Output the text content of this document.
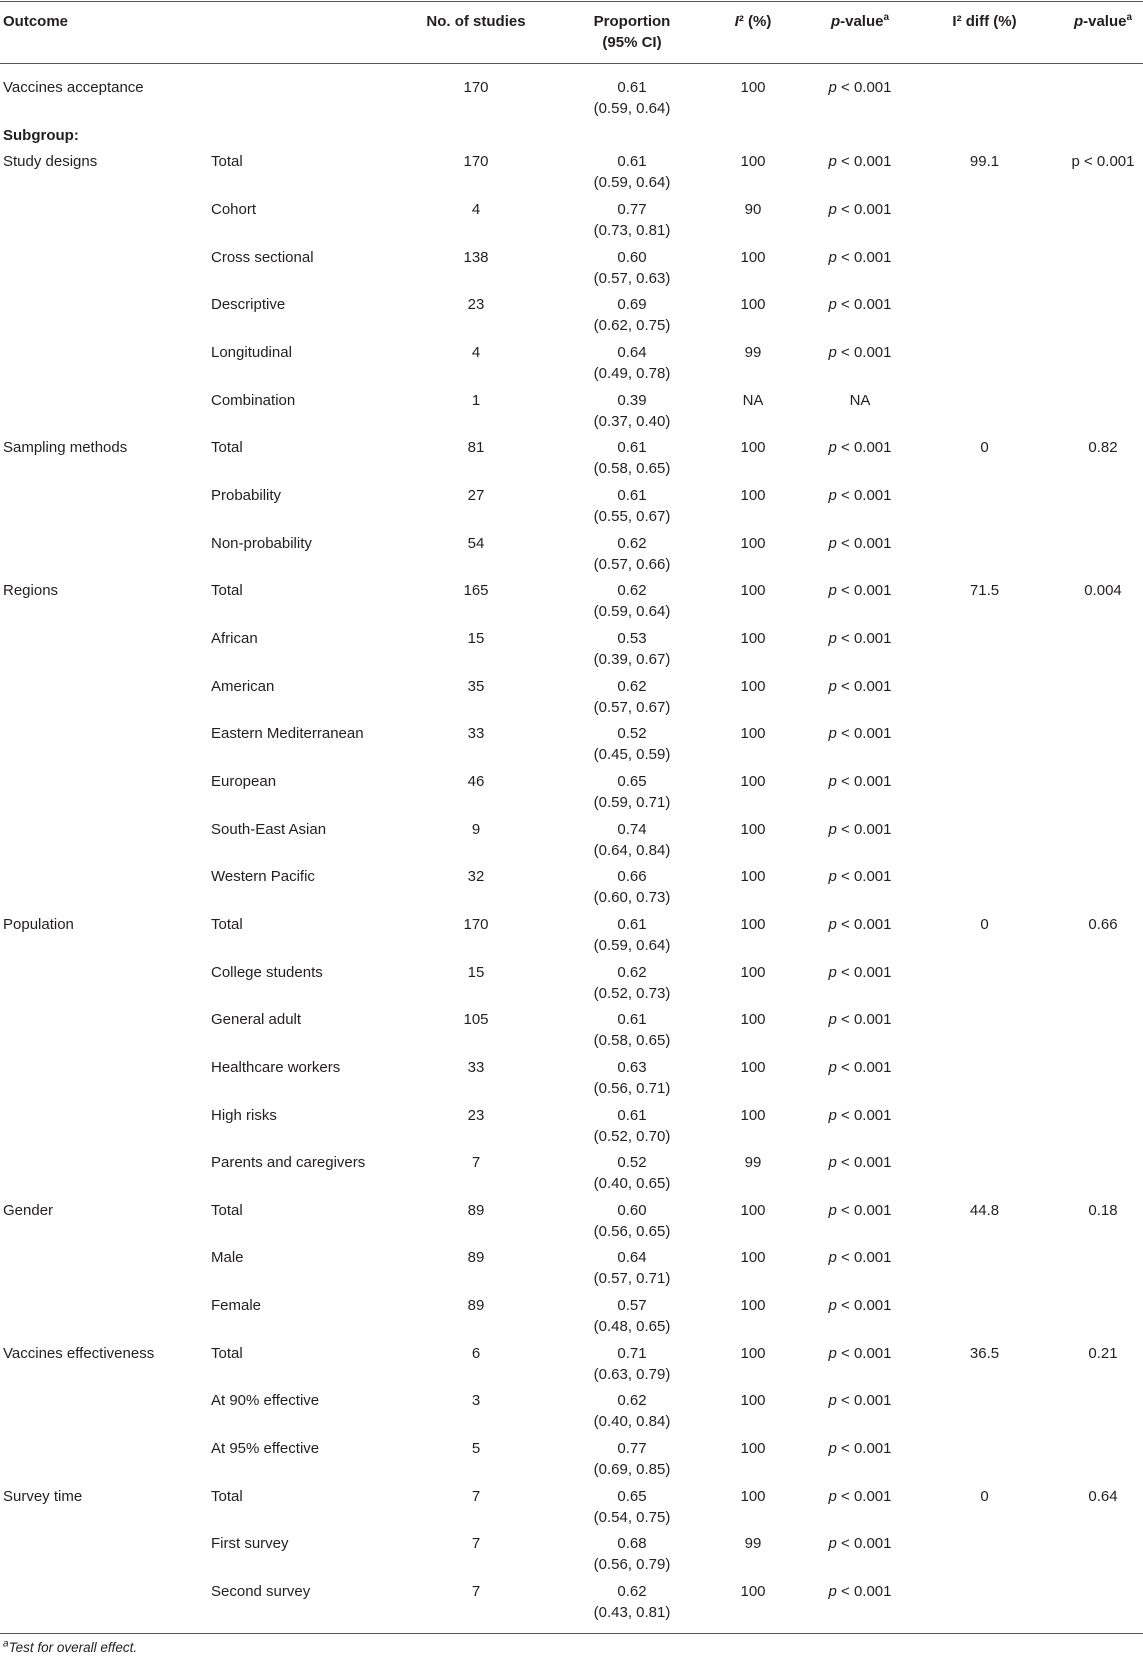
Outcome		No. of studies	Proportion
(95% CI)	I² (%)	p-value$^a$	I² diff (%)	p-value$^a$
Vaccines acceptance		170	0.61
(0.59, 0.64)	100	p < 0.001		
Subgroup:							
Study designs	Total	170	0.61
(0.59, 0.64)	100	p < 0.001	99.1	p < 0.001
	Cohort	4	0.77
(0.73, 0.81)	90	p < 0.001		
	Cross sectional	138	0.60
(0.57, 0.63)	100	p < 0.001		
	Descriptive	23	0.69
(0.62, 0.75)	100	p < 0.001		
	Longitudinal	4	0.64
(0.49, 0.78)	99	p < 0.001		
	Combination	1	0.39
(0.37, 0.40)	NA	NA		
Sampling methods	Total	81	0.61
(0.58, 0.65)	100	p < 0.001	0	0.82
	Probability	27	0.61
(0.55, 0.67)	100	p < 0.001		
	Non-probability	54	0.62
(0.57, 0.66)	100	p < 0.001		
Regions	Total	165	0.62
(0.59, 0.64)	100	p < 0.001	71.5	0.004
	African	15	0.53
(0.39, 0.67)	100	p < 0.001		
	American	35	0.62
(0.57, 0.67)	100	p < 0.001		
	Eastern Mediterranean	33	0.52
(0.45, 0.59)	100	p < 0.001		
	European	46	0.65
(0.59, 0.71)	100	p < 0.001		
	South-East Asian	9	0.74
(0.64, 0.84)	100	p < 0.001		
	Western Pacific	32	0.66
(0.60, 0.73)	100	p < 0.001		
Population	Total	170	0.61
(0.59, 0.64)	100	p < 0.001	0	0.66
	College students	15	0.62
(0.52, 0.73)	100	p < 0.001		
	General adult	105	0.61
(0.58, 0.65)	100	p < 0.001		
	Healthcare workers	33	0.63
(0.56, 0.71)	100	p < 0.001		
	High risks	23	0.61
(0.52, 0.70)	100	p < 0.001		
	Parents and caregivers	7	0.52
(0.40, 0.65)	99	p < 0.001		
Gender	Total	89	0.60
(0.56, 0.65)	100	p < 0.001	44.8	0.18
	Male	89	0.64
(0.57, 0.71)	100	p < 0.001		
	Female	89	0.57
(0.48, 0.65)	100	p < 0.001		
Vaccines effectiveness	Total	6	0.71
(0.63, 0.79)	100	p < 0.001	36.5	0.21
	At 90% effective	3	0.62
(0.40, 0.84)	100	p < 0.001		
	At 95% effective	5	0.77
(0.69, 0.85)	100	p < 0.001		
Survey time	Total	7	0.65
(0.54, 0.75)	100	p < 0.001	0	0.64
	First survey	7	0.68
(0.56, 0.79)	99	p < 0.001		
	Second survey	7	0.62
(0.43, 0.81)	100	p < 0.001		
$^a$Test for overall effect.
